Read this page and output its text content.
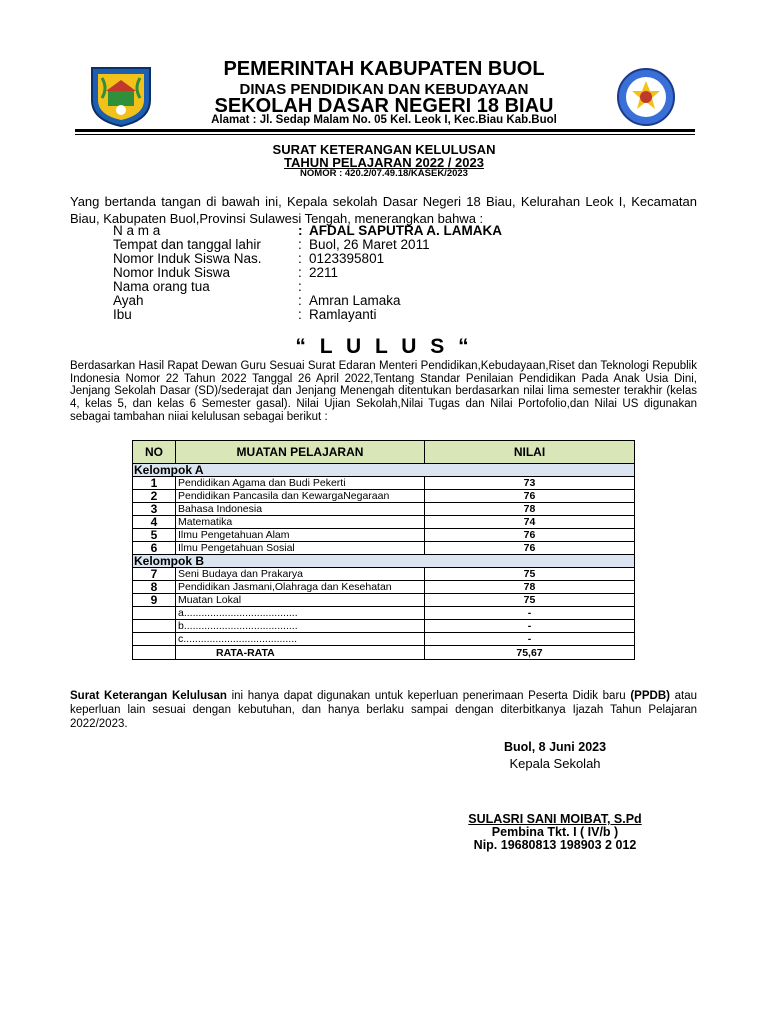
PEMERINTAH KABUPATEN BUOL
DINAS PENDIDIKAN DAN KEBUDAYAAN
SEKOLAH DASAR NEGERI 18 BIAU
Alamat : Jl. Sedap Malam No. 05 Kel. Leok I, Kec.Biau Kab.Buol
SURAT KETERANGAN KELULUSAN
TAHUN PELAJARAN 2022 / 2023
NOMOR : 420.2/07.49.18/KASEK/2023
Yang bertanda tangan di bawah ini, Kepala sekolah Dasar Negeri 18 Biau, Kelurahan Leok I, Kecamatan Biau, Kabupaten Buol,Provinsi Sulawesi Tengah, menerangkan bahwa :
N a m a	: AFDAL SAPUTRA A. LAMAKA
Tempat dan tanggal lahir	: Buol, 26 Maret 2011
Nomor Induk Siswa Nas.	: 0123395801
Nomor Induk Siswa	: 2211
Nama orang tua	:
Ayah	: Amran Lamaka
Ibu	: Ramlayanti
“ L U L U S “
Berdasarkan Hasil Rapat Dewan Guru Sesuai Surat Edaran Menteri Pendidikan,Kebudayaan,Riset dan Teknologi Republik Indonesia Nomor 22 Tahun 2022 Tanggal 26 April 2022,Tentang Standar Penilaian Pendidikan Pada Anak Usia Dini, Jenjang Sekolah Dasar (SD)/sederajat dan Jenjang Menengah ditentukan berdasarkan nilai lima semester terakhir (kelas 4, kelas 5, dan kelas 6 Semester gasal). Nilai Ujian Sekolah,Nilai Tugas dan Nilai Portofolio,dan Nilai US digunakan sebagai tambahan niiai kelulusan sebagai berikut :
NO	MUATAN PELAJARAN	NILAI
Kelompok A		
1	Pendidikan Agama dan Budi Pekerti	73
2	Pendidikan Pancasila dan KewargaNegaraan	76
3	Bahasa Indonesia	78
4	Matematika	74
5	Ilmu Pengetahuan Alam	76
6	Ilmu Pengetahuan Sosial	76
Kelompok B		
7	Seni Budaya dan Prakarya	75
8	Pendidikan Jasmani,Olahraga dan Kesehatan	78
9	Muatan Lokal	75
	a.......................................	-
	b.......................................	-
	c.......................................	-
	RATA-RATA	75,67
Surat Keterangan Kelulusan ini hanya dapat digunakan untuk keperluan penerimaan Peserta Didik baru (PPDB) atau keperluan lain sesuai dengan kebutuhan, dan hanya berlaku sampai dengan diterbitkanya Ijazah Tahun Pelajaran 2022/2023.
Buol, 8 Juni 2023
Kepala Sekolah
SULASRI SANI MOIBAT, S.Pd
Pembina Tkt. I ( IV/b )
Nip. 19680813 198903 2 012
